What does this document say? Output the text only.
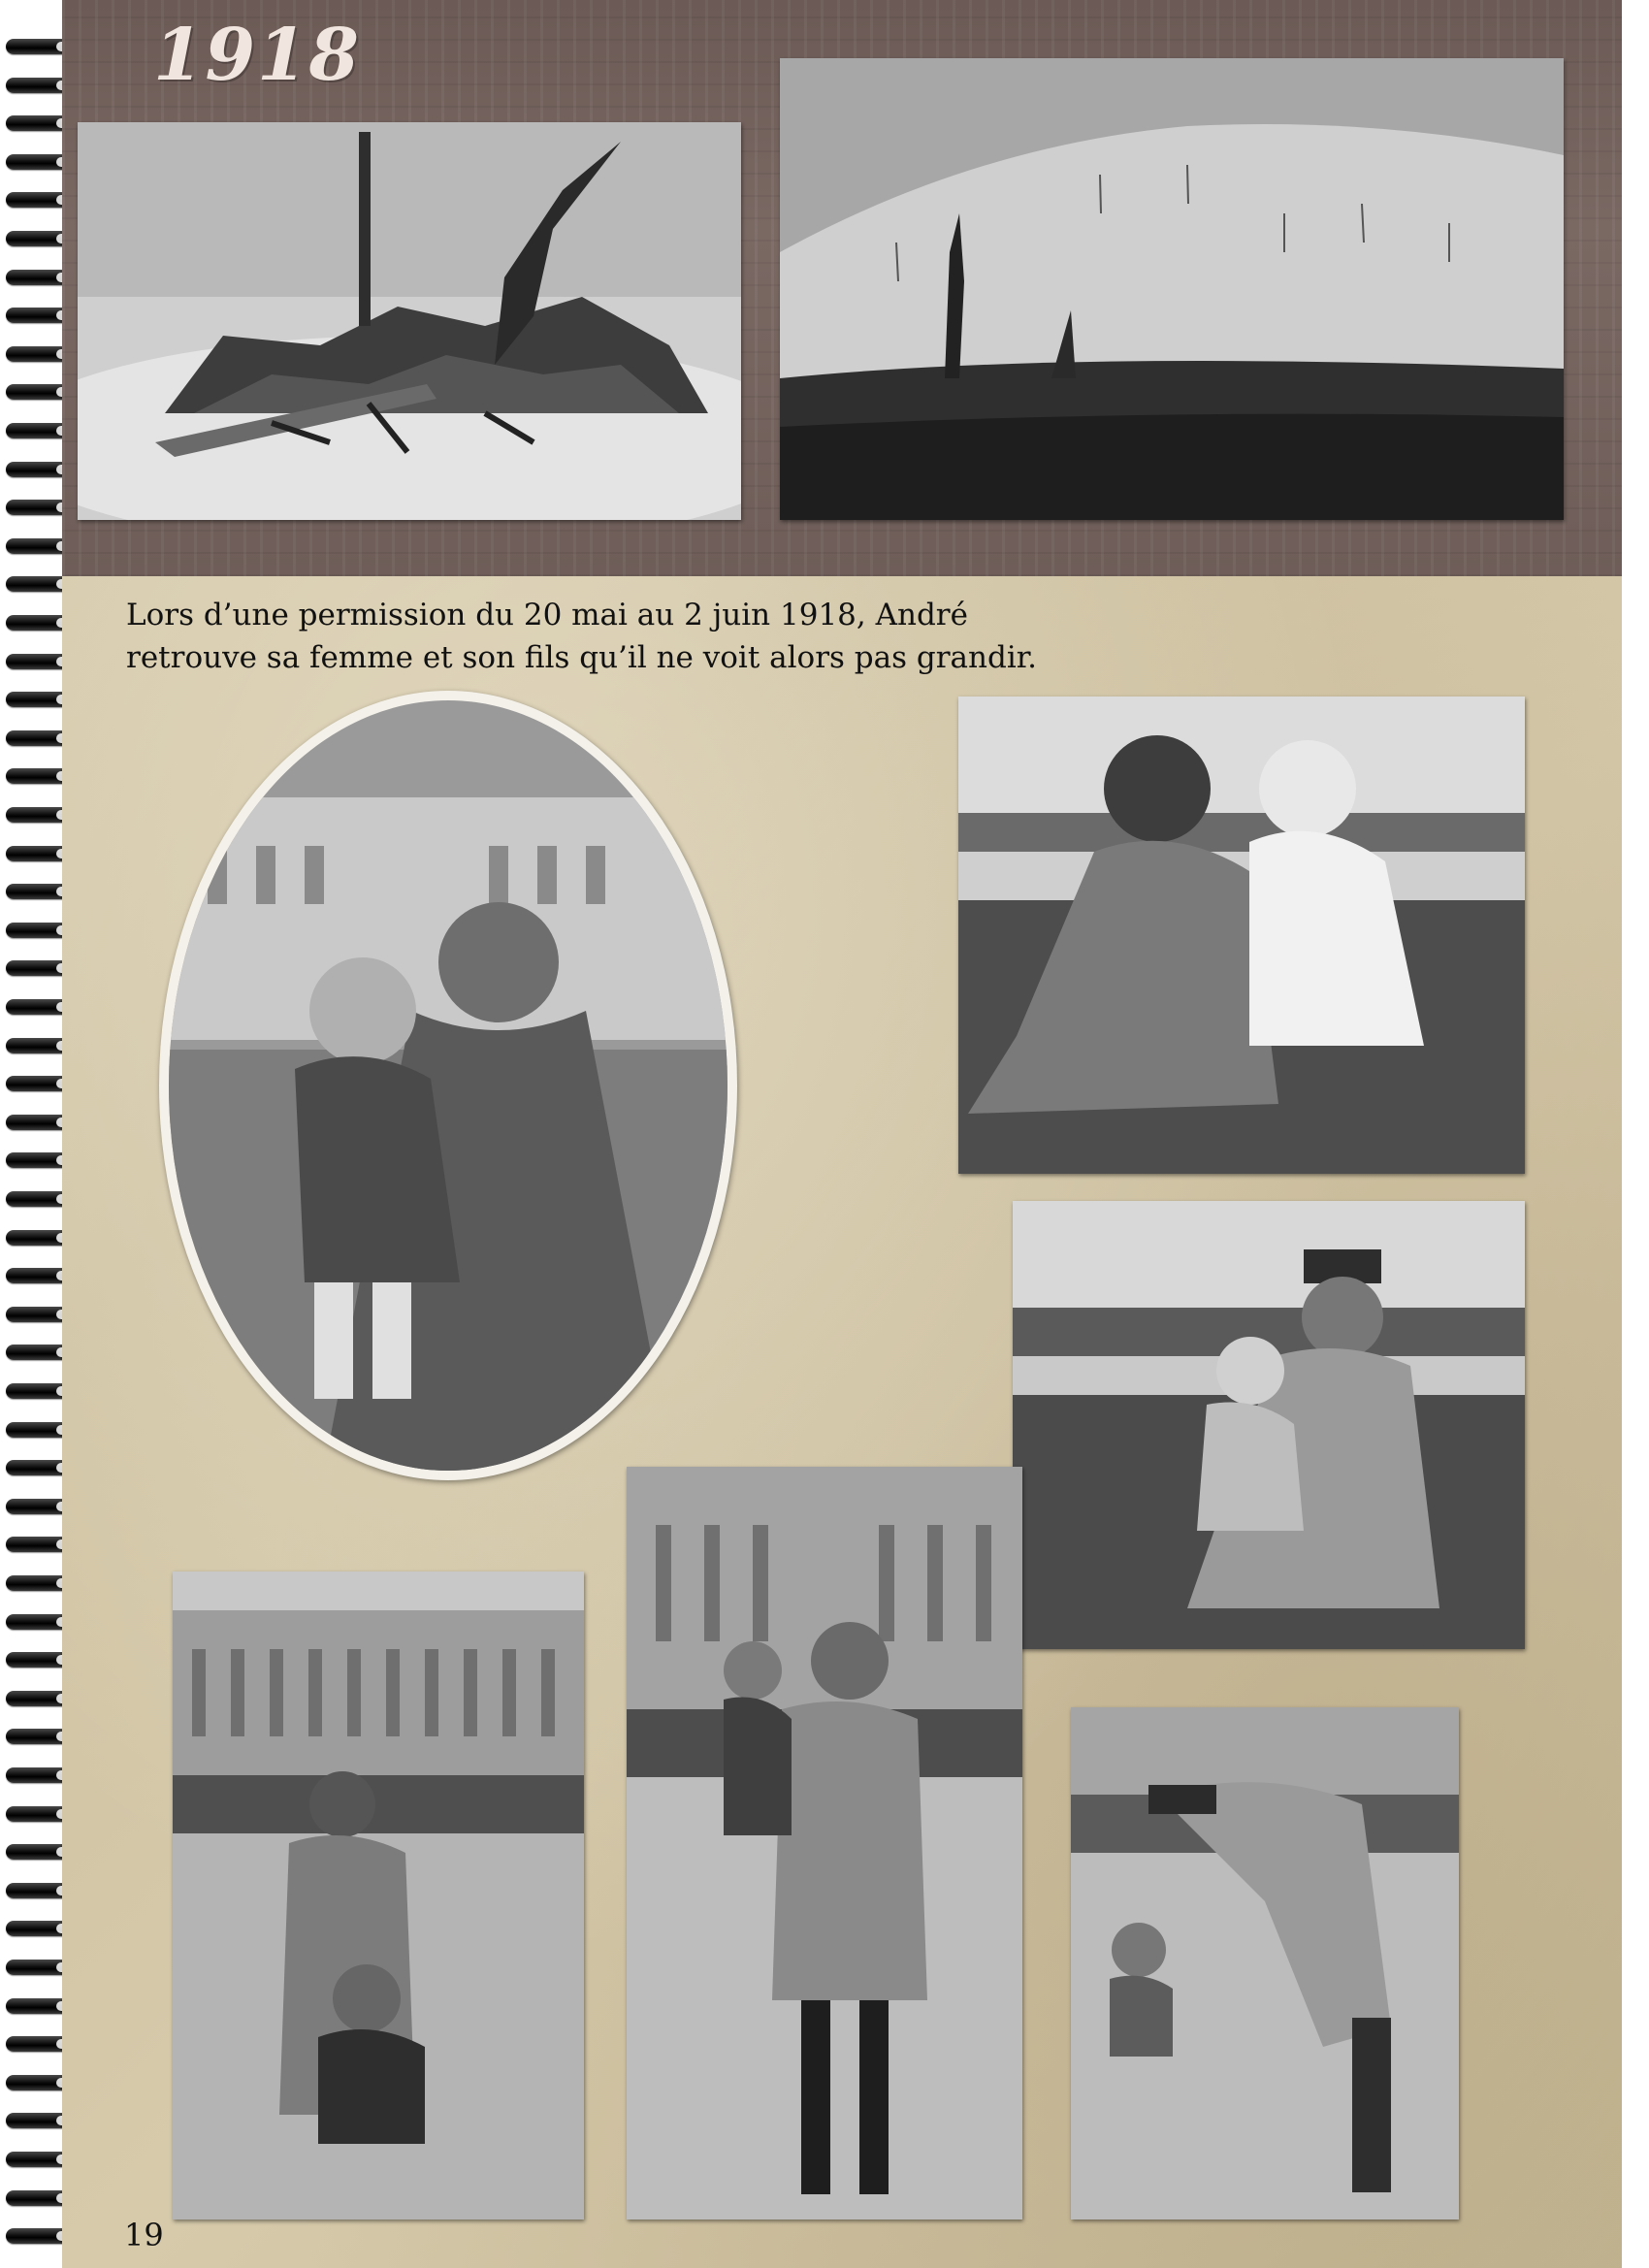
1918
Lors d’une permission du 20 mai au 2 juin 1918, André
retrouve sa femme et son fils qu’il ne voit alors pas grandir.
19
